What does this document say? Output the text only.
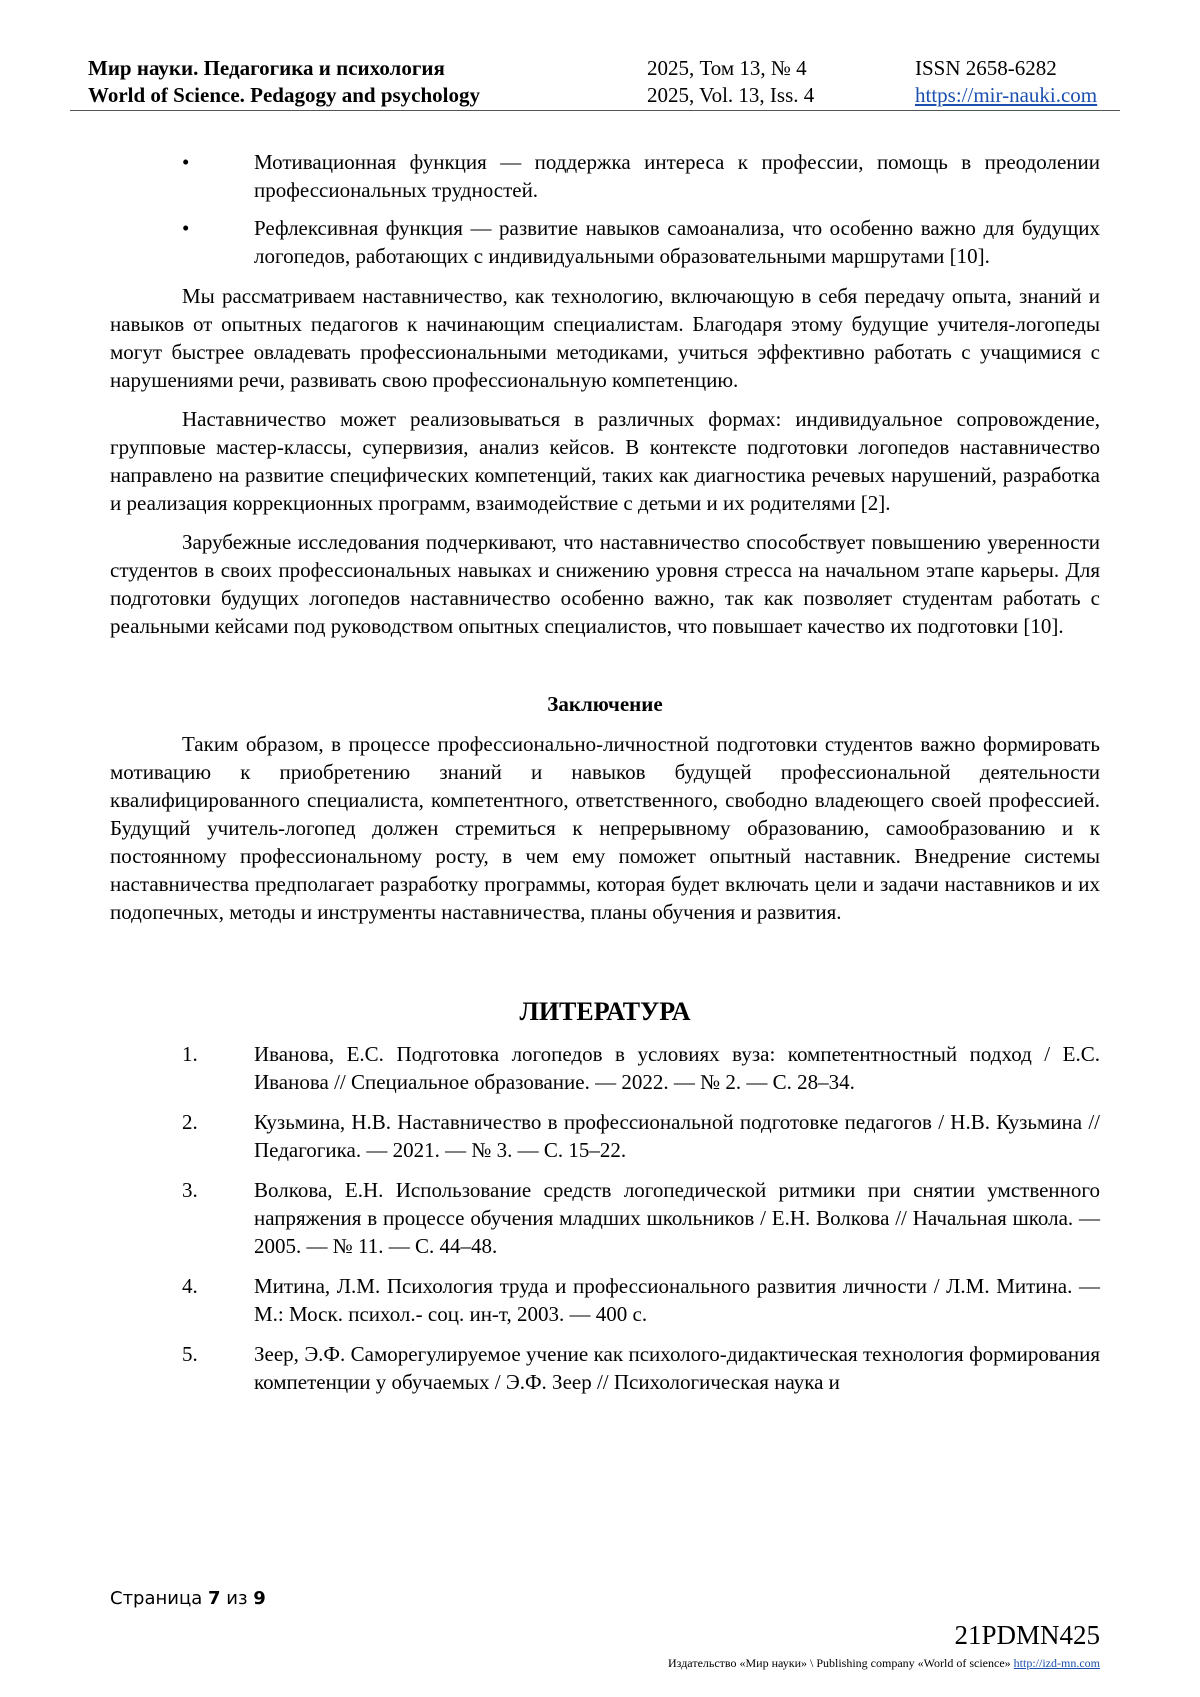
Мир науки. Педагогика и психология
World of Science. Pedagogy and psychology
2025, Том 13, № 4
2025, Vol. 13, Iss. 4
ISSN 2658-6282
https://mir-nauki.com
•	Мотивационная функция — поддержка интереса к профессии, помощь в преодолении профессиональных трудностей.
•	Рефлексивная функция — развитие навыков самоанализа, что особенно важно для будущих логопедов, работающих с индивидуальными образовательными маршрутами [10].

Мы рассматриваем наставничество, как технологию, включающую в себя передачу опыта, знаний и навыков от опытных педагогов к начинающим специалистам. Благодаря этому будущие учителя-логопеды могут быстрее овладевать профессиональными методиками, учиться эффективно работать с учащимися с нарушениями речи, развивать свою профессиональную компетенцию.

Наставничество может реализовываться в различных формах: индивидуальное сопровождение, групповые мастер-классы, супервизия, анализ кейсов. В контексте подготовки логопедов наставничество направлено на развитие специфических компетенций, таких как диагностика речевых нарушений, разработка и реализация коррекционных программ, взаимодействие с детьми и их родителями [2].

Зарубежные исследования подчеркивают, что наставничество способствует повышению уверенности студентов в своих профессиональных навыках и снижению уровня стресса на начальном этапе карьеры. Для подготовки будущих логопедов наставничество особенно важно, так как позволяет студентам работать с реальными кейсами под руководством опытных специалистов, что повышает качество их подготовки [10].

Заключение

Таким образом, в процессе профессионально-личностной подготовки студентов важно формировать мотивацию к приобретению знаний и навыков будущей профессиональной деятельности квалифицированного специалиста, компетентного, ответственного, свободно владеющего своей профессией. Будущий учитель-логопед должен стремиться к непрерывному образованию, самообразованию и к постоянному профессиональному росту, в чем ему поможет опытный наставник. Внедрение системы наставничества предполагает разработку программы, которая будет включать цели и задачи наставников и их подопечных, методы и инструменты наставничества, планы обучения и развития.

ЛИТЕРАТУРА
1.	Иванова, Е.С. Подготовка логопедов в условиях вуза: компетентностный подход / Е.С. Иванова // Специальное образование. — 2022. — № 2. — С. 28–34.
2.	Кузьмина, Н.В. Наставничество в профессиональной подготовке педагогов / Н.В. Кузьмина // Педагогика. — 2021. — № 3. — С. 15–22.
3.	Волкова, Е.Н. Использование средств логопедической ритмики при снятии умственного напряжения в процессе обучения младших школьников / Е.Н. Волкова // Начальная школа. — 2005. — № 11. — С. 44–48.
4.	Митина, Л.М. Психология труда и профессионального развития личности / Л.М. Митина. — М.: Моск. психол.- соц. ин-т, 2003. — 400 с.
5.	Зеер, Э.Ф. Саморегулируемое учение как психолого-дидактическая технология формирования компетенции у обучаемых / Э.Ф. Зеер // Психологическая наука и
Страница 7 из 9
21PDMN425
Издательство «Мир науки» \ Publishing company «World of science» http://izd-mn.com
